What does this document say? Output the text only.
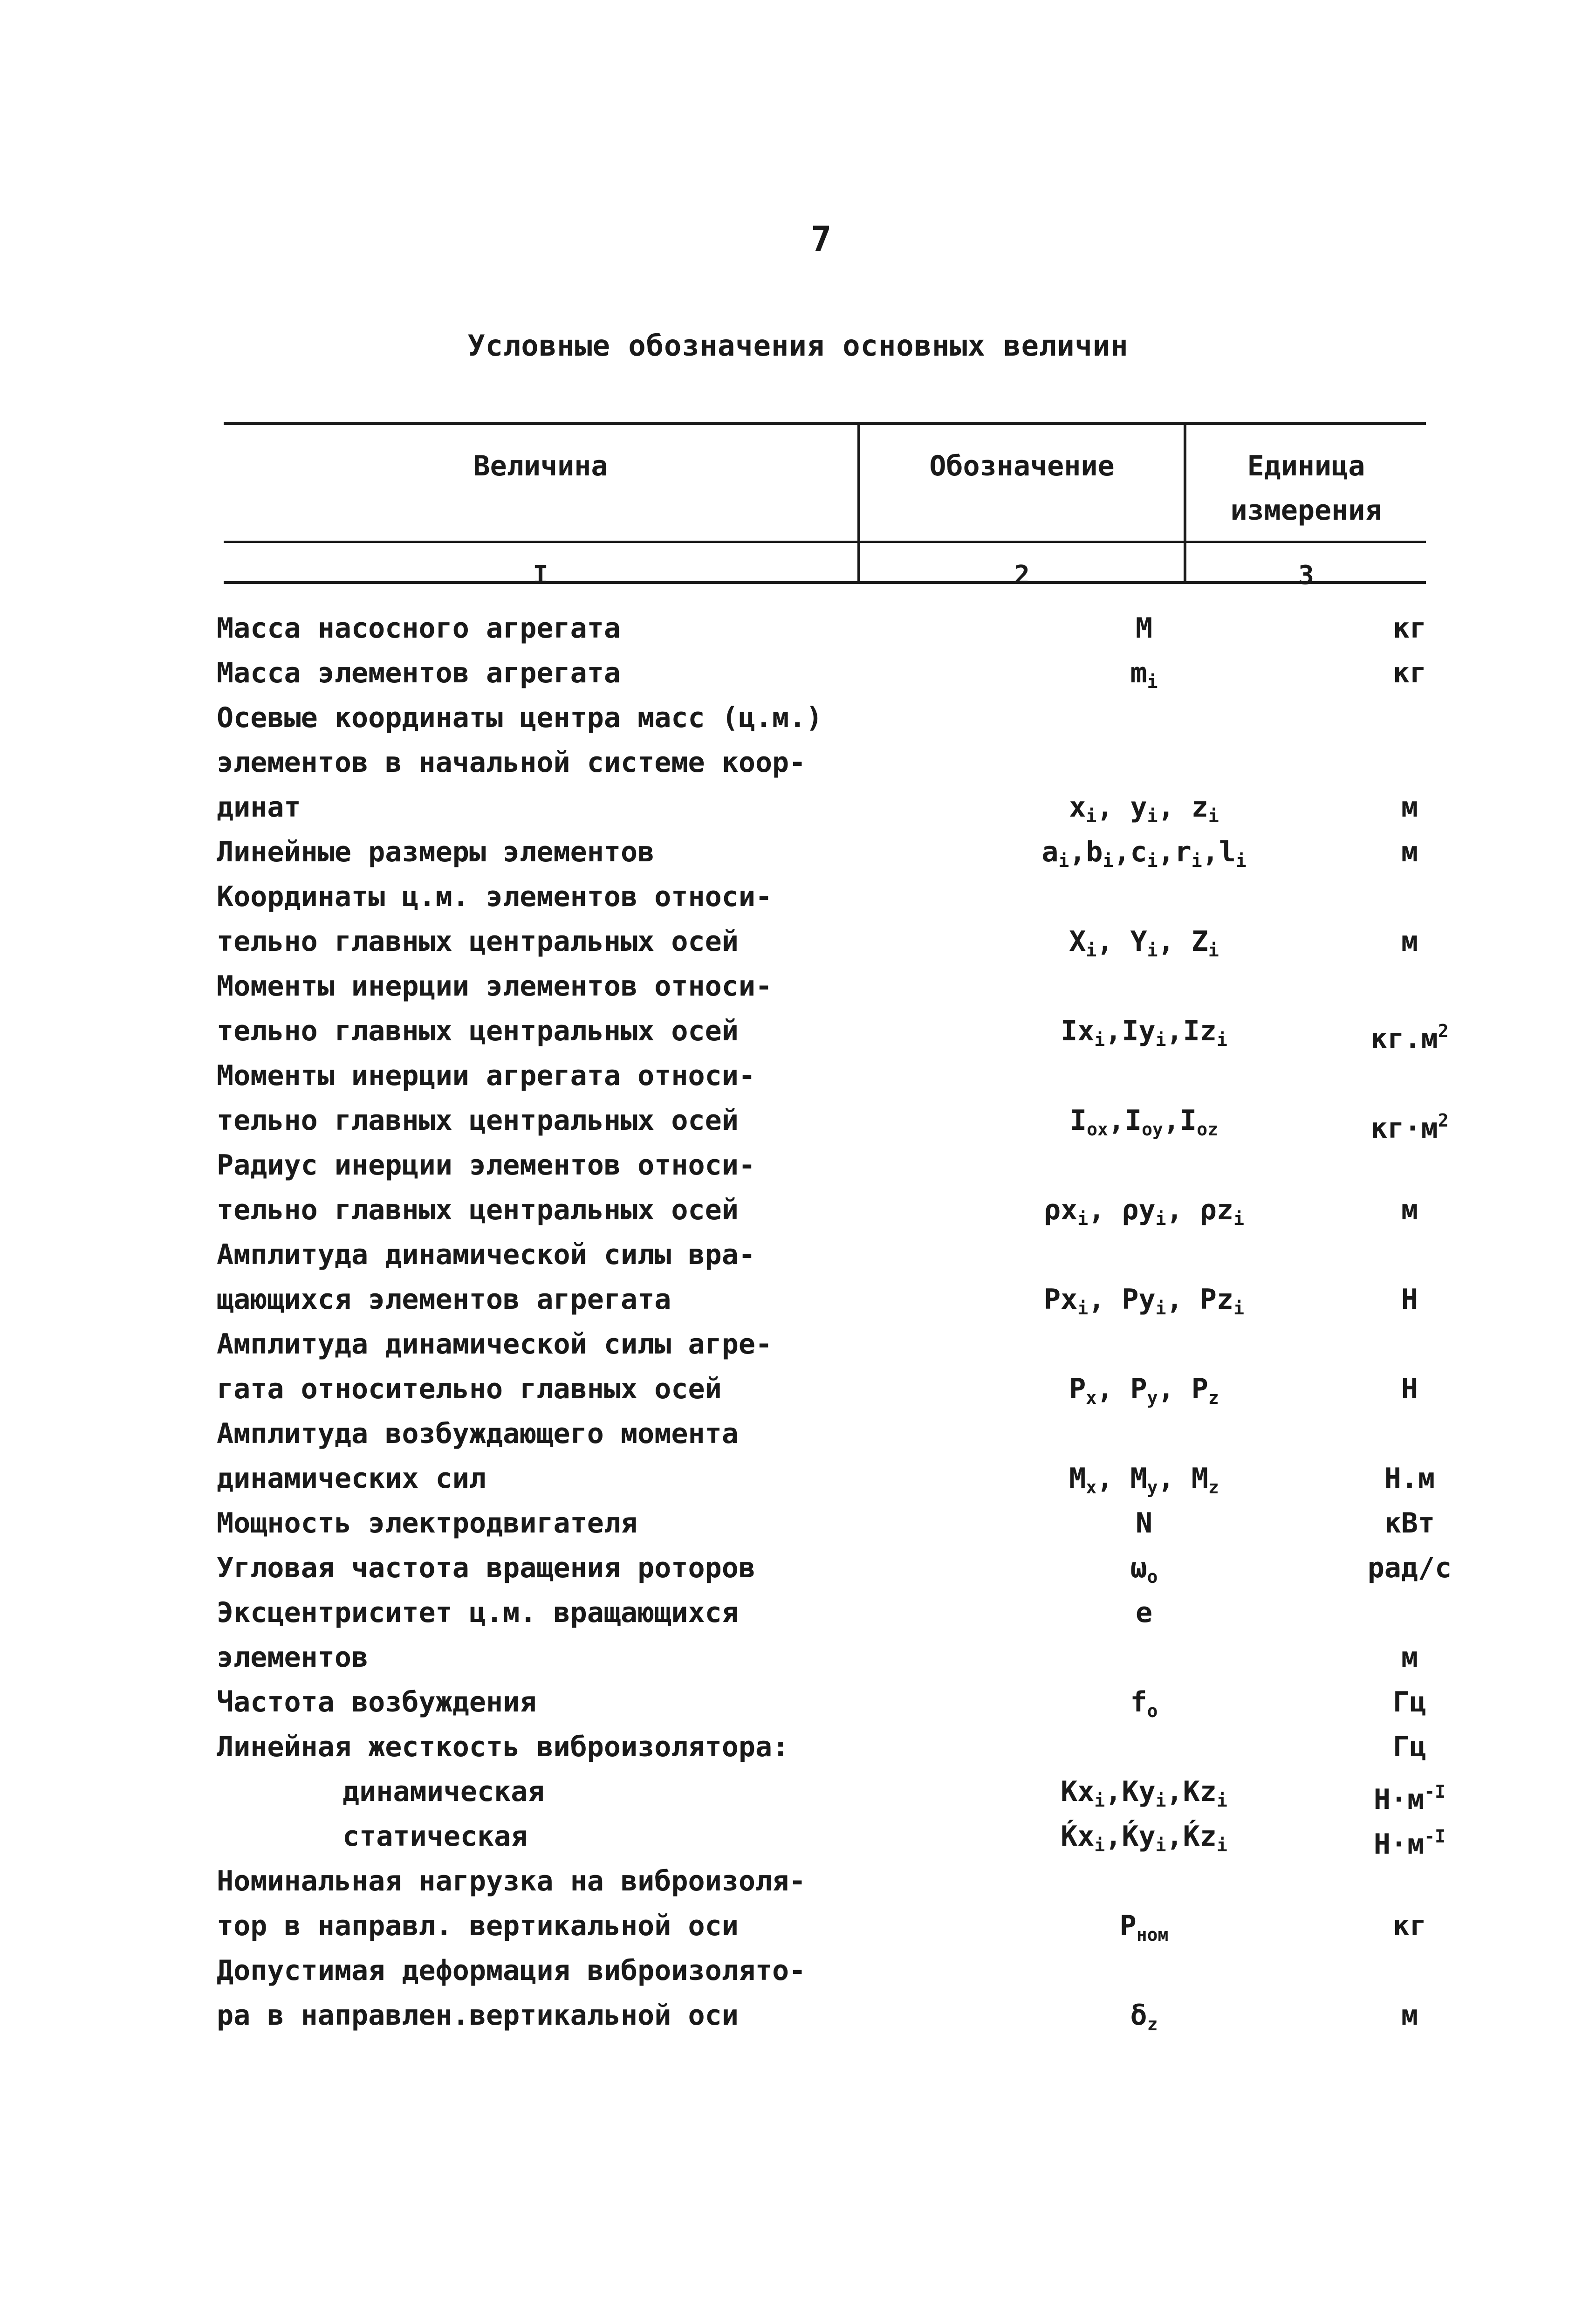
7
Условные обозначения основных величин
Величина	Обозначение	Единица
измерения
I	2	3
Масса насосного агрегата	M	кг
Масса элементов агрегата	$m_i$	кг
Осевые координаты центра масс (ц.м.)
элементов в начальной системе коор-
динат	$x_i$, $y_i$, $z_i$	м
Линейные размеры элементов	$a_i,b_i,c_i,r_i,l_i$	м
Координаты ц.м. элементов относи-
тельно главных центральных осей	$X_i$, $Y_i$, $Z_i$	м
Моменты инерции элементов относи-
тельно главных центральных осей	$Ix_i,Iy_i,Iz_i$	$кг.м^2$
Моменты инерции агрегата относи-
тельно главных центральных осей	$I_{ox},I_{oy},I_{oz}$	$кг\cdot м^2$
Радиус инерции элементов относи-
тельно главных центральных осей	$\rho x_i$, $\rho y_i$, $\rho z_i$	м
Амплитуда динамической силы вра-
щающихся элементов агрегата	$Px_i$, $Py_i$, $Pz_i$	Н
Амплитуда динамической силы агре-
гата относительно главных осей	$P_x$, $P_y$, $P_z$	Н
Амплитуда возбуждающего момента
динамических сил	$M_x$, $M_y$, $M_z$	Н.м
Мощность электродвигателя	N	кВт
Угловая частота вращения роторов	$\omega_o$	рад/с
Эксцентриситет ц.м. вращающихся	e
элементов	м
Частота возбуждения	$f_o$	Гц
Линейная жесткость виброизолятора:	Гц
динамическая	$Kx_i,Ky_i,Kz_i$	$Н\cdot м^{-I}$
статическая	Ḱx$_i$,Ḱy$_i$,Ḱz$_i$	$Н\cdot м^{-I}$
Номинальная нагрузка на виброизоля-
тор в направл. вертикальной оси	$P_{ном}$	кг
Допустимая деформация виброизолято-
ра в направлен.вертикальной оси	$\delta_z$	м
